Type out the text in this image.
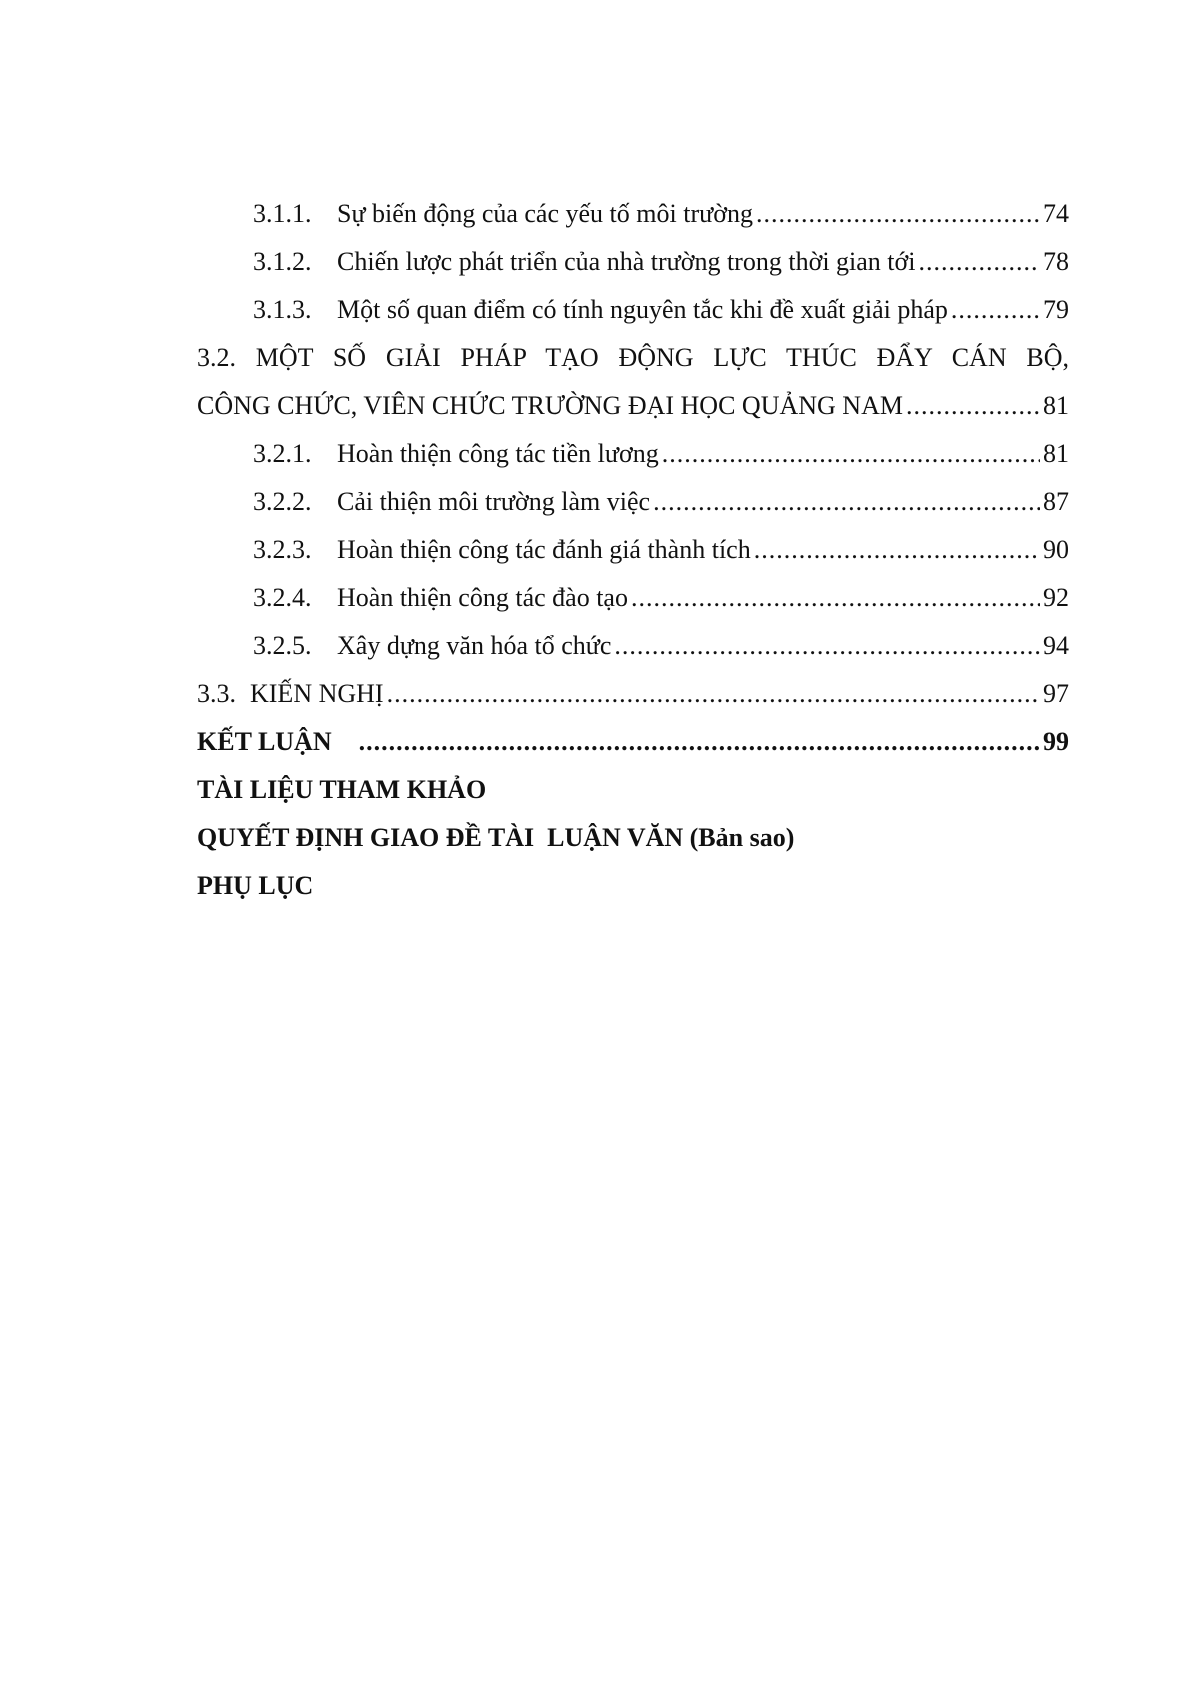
3.1.1. Sự biến động của các yếu tố môi trường .....	74
3.1.2. Chiến lược phát triển của nhà trường trong thời gian tới .....	78
3.1.3. Một số quan điểm có tính nguyên tắc khi đề xuất giải pháp .....	79
3.2. MỘT SỐ GIẢI PHÁP TẠO ĐỘNG LỰC THÚC ĐẨY CÁN BỘ,
CÔNG CHỨC, VIÊN CHỨC TRƯỜNG ĐẠI HỌC QUẢNG NAM .....	81
3.2.1. Hoàn thiện công tác tiền lương .....	81
3.2.2. Cải thiện môi trường làm việc .....	87
3.2.3. Hoàn thiện công tác đánh giá thành tích .....	90
3.2.4. Hoàn thiện công tác đào tạo .....	92
3.2.5. Xây dựng văn hóa tổ chức .....	94
3.3. KIẾN NGHỊ .....	97
KẾT LUẬN .....	99
TÀI LIỆU THAM KHẢO
QUYẾT ĐỊNH GIAO ĐỀ TÀI  LUẬN VĂN (Bản sao)
PHỤ LỤC
